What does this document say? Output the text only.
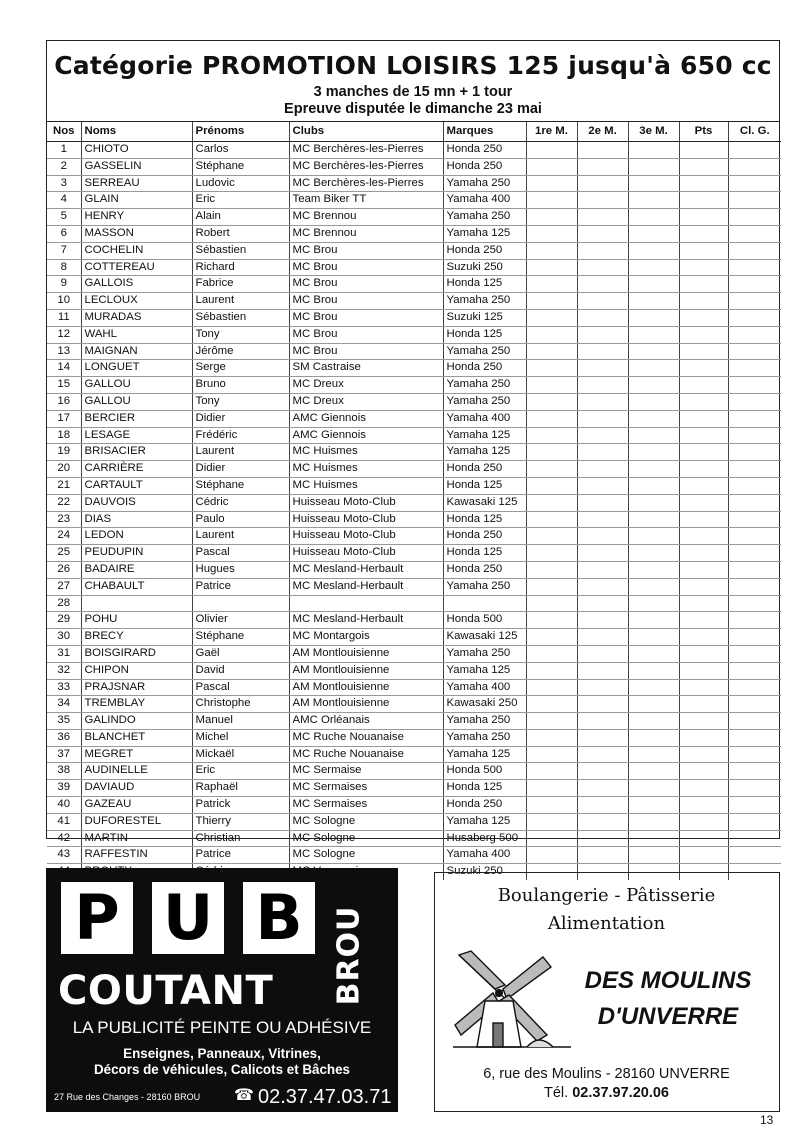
Catégorie PROMOTION LOISIRS 125 jusqu'à 650 cc
3 manches de 15 mn + 1 tour
Epreuve disputée le dimanche 23 mai
Nos	Noms	Prénoms	Clubs	Marques	1re M.	2e M.	3e M.	Pts	Cl. G.
1	CHIOTO	Carlos	MC Berchères-les-Pierres	Honda 250					
2	GASSELIN	Stéphane	MC Berchères-les-Pierres	Honda 250					
3	SERREAU	Ludovic	MC Berchères-les-Pierres	Yamaha 250					
4	GLAIN	Eric	Team Biker TT	Yamaha 400					
5	HENRY	Alain	MC Brennou	Yamaha 250					
6	MASSON	Robert	MC Brennou	Yamaha 125					
7	COCHELIN	Sébastien	MC Brou	Honda 250					
8	COTTEREAU	Richard	MC Brou	Suzuki 250					
9	GALLOIS	Fabrice	MC Brou	Honda 125					
10	LECLOUX	Laurent	MC Brou	Yamaha 250					
11	MURADAS	Sébastien	MC Brou	Suzuki 125					
12	WAHL	Tony	MC Brou	Honda 125					
13	MAIGNAN	Jérôme	MC Brou	Yamaha 250					
14	LONGUET	Serge	SM Castraise	Honda 250					
15	GALLOU	Bruno	MC Dreux	Yamaha 250					
16	GALLOU	Tony	MC Dreux	Yamaha 250					
17	BERCIER	Didier	AMC Giennois	Yamaha 400					
18	LESAGE	Frédéric	AMC Giennois	Yamaha 125					
19	BRISACIER	Laurent	MC Huismes	Yamaha 125					
20	CARRIÈRE	Didier	MC Huismes	Honda 250					
21	CARTAULT	Stéphane	MC Huismes	Honda 125					
22	DAUVOIS	Cédric	Huisseau Moto-Club	Kawasaki 125					
23	DIAS	Paulo	Huisseau Moto-Club	Honda 125					
24	LEDON	Laurent	Huisseau Moto-Club	Honda 250					
25	PEUDUPIN	Pascal	Huisseau Moto-Club	Honda 125					
26	BADAIRE	Hugues	MC Mesland-Herbault	Honda 250					
27	CHABAULT	Patrice	MC Mesland-Herbault	Yamaha 250					
28									
29	POHU	Olivier	MC Mesland-Herbault	Honda 500					
30	BRECY	Stéphane	MC Montargois	Kawasaki 125					
31	BOISGIRARD	Gaël	AM Montlouisienne	Yamaha 250					
32	CHIPON	David	AM Montlouisienne	Yamaha 125					
33	PRAJSNAR	Pascal	AM Montlouisienne	Yamaha 400					
34	TREMBLAY	Christophe	AM Montlouisienne	Kawasaki 250					
35	GALINDO	Manuel	AMC Orléanais	Yamaha 250					
36	BLANCHET	Michel	MC Ruche Nouanaise	Yamaha 250					
37	MEGRET	Mickaël	MC Ruche Nouanaise	Yamaha 125					
38	AUDINELLE	Eric	MC Sermaise	Honda 500					
39	DAVIAUD	Raphaël	MC Sermaises	Honda 125					
40	GAZEAU	Patrick	MC Sermaises	Honda 250					
41	DUFORESTEL	Thierry	MC Sologne	Yamaha 125					
42	MARTIN	Christian	MC Sologne	Husaberg 500					
43	RAFFESTIN	Patrice	MC Sologne	Yamaha 400					
				Suzuki 250					
P U B BROU
COUTANT
LA PUBLICITÉ PEINTE OU ADHÉSIVE
Enseignes, Panneaux, Vitrines,
Décors de véhicules, Calicots et Bâches
27 Rue des Changes - 28160 BROU ☎ 02.37.47.03.71
Boulangerie - Pâtisserie
Alimentation
DES MOULINS
D'UNVERRE
6, rue des Moulins - 28160 UNVERRE
Tél. 02.37.97.20.06
13
